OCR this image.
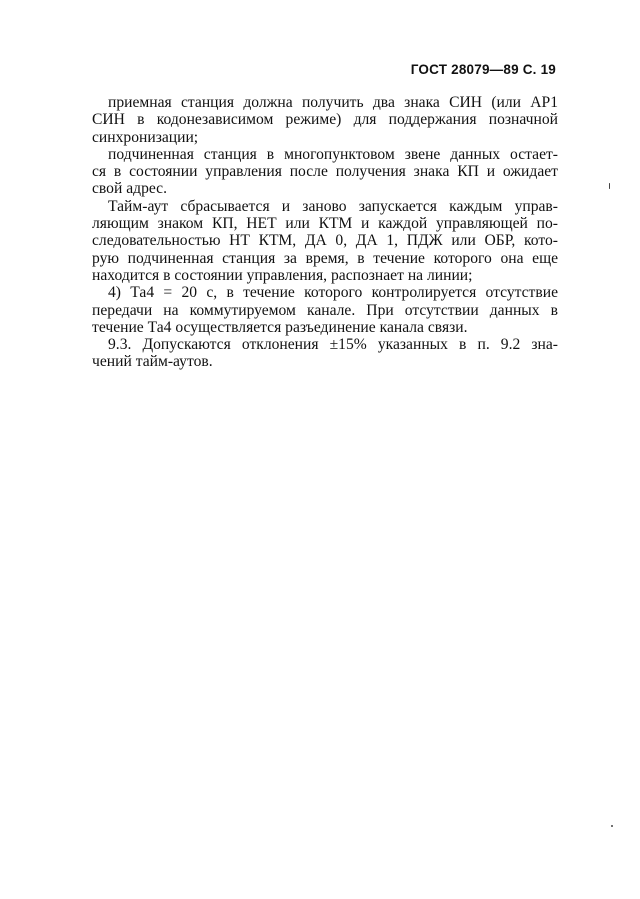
ГОСТ 28079—89 С. 19
приемная станция должна получить два знака СИН (или АР1
СИН в кодонезависимом режиме) для поддержания позначной
синхронизации;
подчиненная станция в многопунктовом звене данных остает-
ся в состоянии управления после получения знака КП и ожидает
свой адрес.
Тайм-аут сбрасывается и заново запускается каждым управ-
ляющим знаком КП, НЕТ или КТМ и каждой управляющей по-
следовательностью НТ КТМ, ДА 0, ДА 1, ПДЖ или ОБР, кото-
рую подчиненная станция за время, в течение которого она еще
находится в состоянии управления, распознает на линии;
4) Та4 = 20 с, в течение которого контролируется отсутствие
передачи на коммутируемом канале. При отсутствии данных в
течение Та4 осуществляется разъединение канала связи.
9.3. Допускаются отклонения ±15% указанных в п. 9.2 зна-
чений тайм-аутов.
